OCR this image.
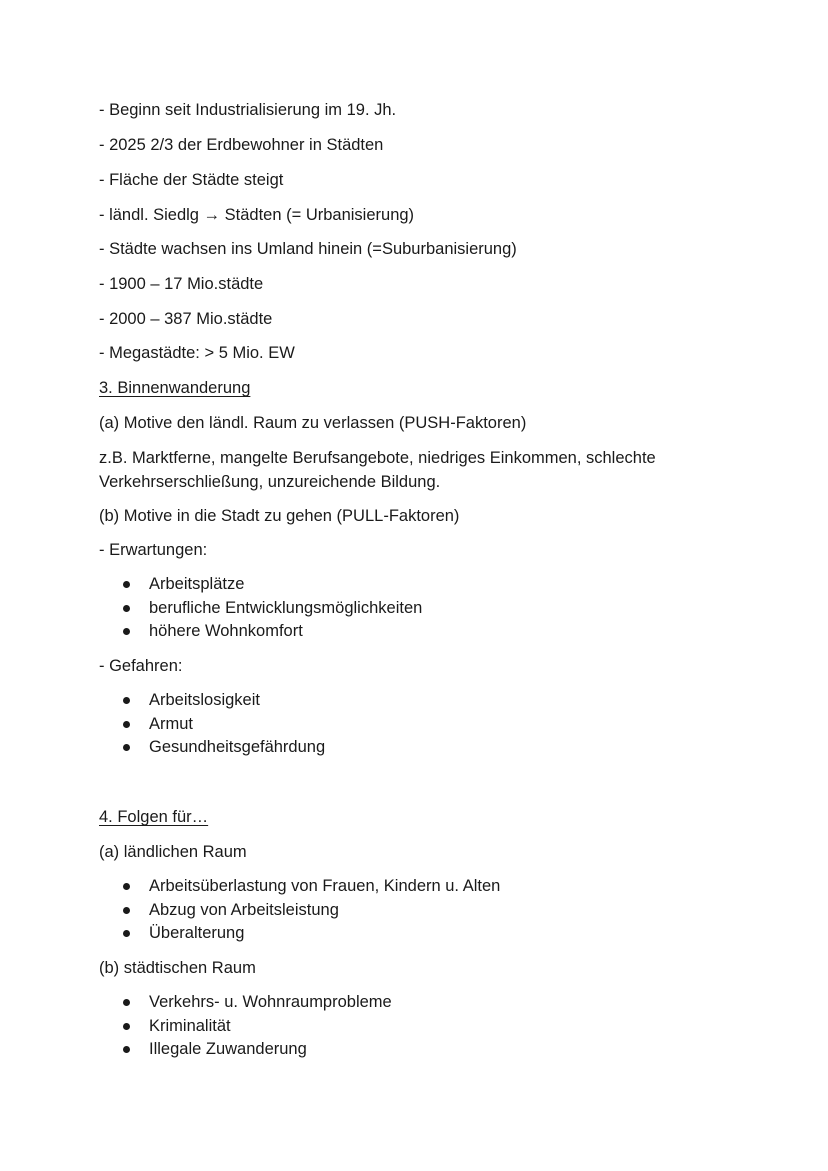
- Beginn seit Industrialisierung im 19. Jh.
- 2025 2/3 der Erdbewohner in Städten
- Fläche der Städte steigt
- ländl. Siedlg → Städten (= Urbanisierung)
- Städte wachsen ins Umland hinein (=Suburbanisierung)
- 1900 – 17 Mio.städte
- 2000 – 387 Mio.städte
- Megastädte: > 5 Mio. EW
3. Binnenwanderung
(a) Motive den ländl. Raum zu verlassen (PUSH-Faktoren)
z.B. Marktferne, mangelte Berufsangebote, niedriges Einkommen, schlechte Verkehrserschließung, unzureichende Bildung.
(b) Motive in die Stadt zu gehen (PULL-Faktoren)
- Erwartungen:
Arbeitsplätze
berufliche Entwicklungsmöglichkeiten
höhere Wohnkomfort
- Gefahren:
Arbeitslosigkeit
Armut
Gesundheitsgefährdung
4. Folgen für…
(a) ländlichen Raum
Arbeitsüberlastung von Frauen, Kindern u. Alten
Abzug von Arbeitsleistung
Überalterung
(b) städtischen Raum
Verkehrs- u. Wohnraumprobleme
Kriminalität
Illegale Zuwanderung
